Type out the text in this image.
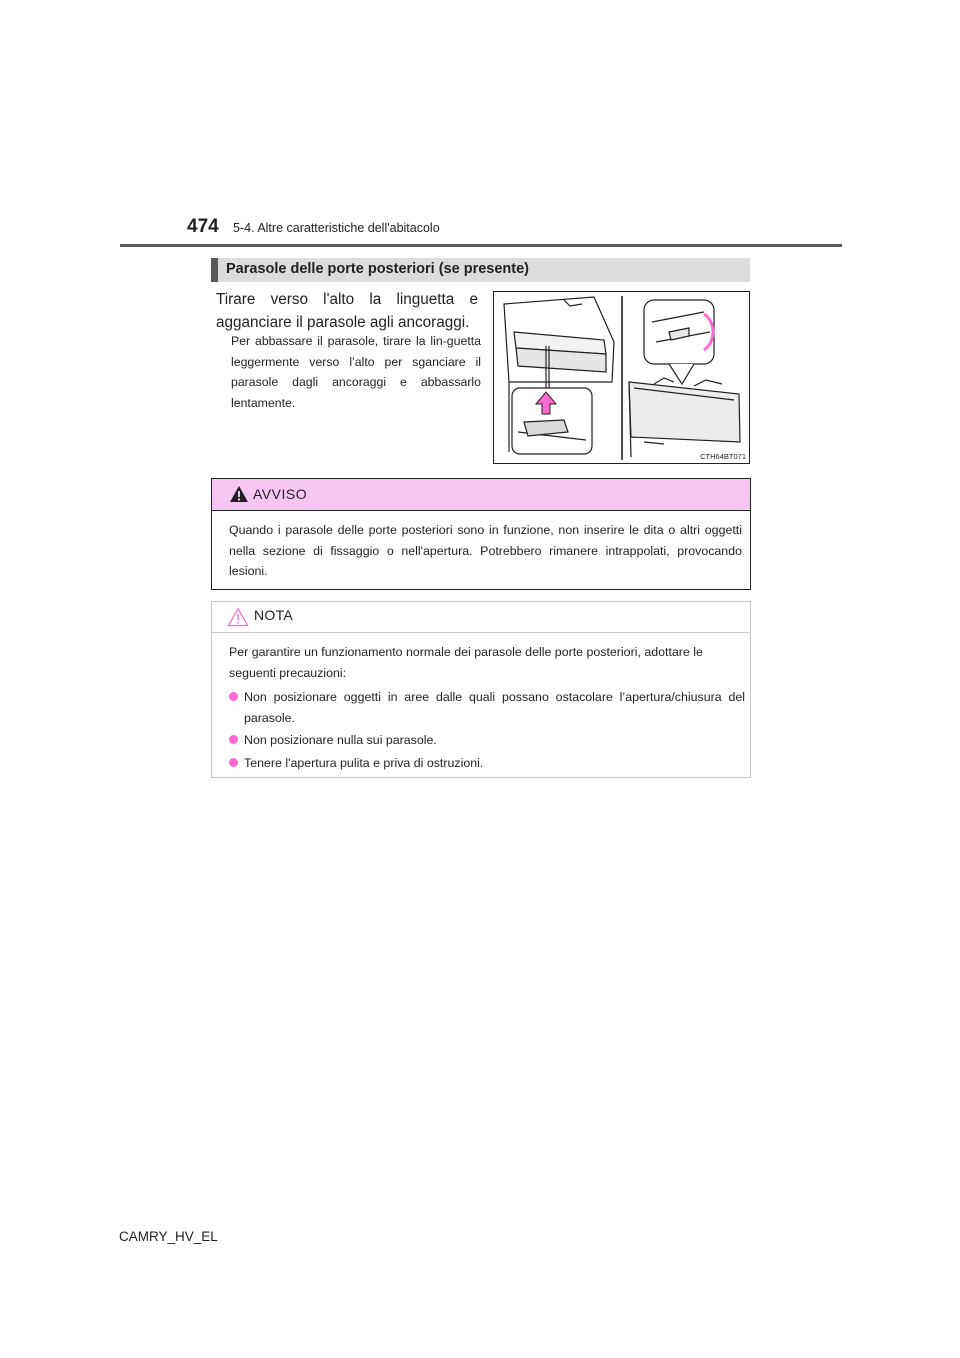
474 5-4. Altre caratteristiche dell'abitacolo
Parasole delle porte posteriori (se presente)
Tirare verso l'alto la linguetta e
agganciare il parasole agli ancoraggi.
Per abbassare il parasole, tirare la lin-guetta leggermente verso l’alto per sganciare il parasole dagli ancoraggi e abbassarlo lentamente.
CTH64BT071
AVVISO
Quando i parasole delle porte posteriori sono in funzione, non inserire le dita o altri oggetti nella sezione di fissaggio o nell'apertura. Potrebbero rimanere intrappolati, provocando lesioni.
NOTA
Per garantire un funzionamento normale dei parasole delle porte posteriori, adottare le seguenti precauzioni:
Non posizionare oggetti in aree dalle quali possano ostacolare l’apertura/chiusura del parasole.
Non posizionare nulla sui parasole.
Tenere l'apertura pulita e priva di ostruzioni.
CAMRY_HV_EL
